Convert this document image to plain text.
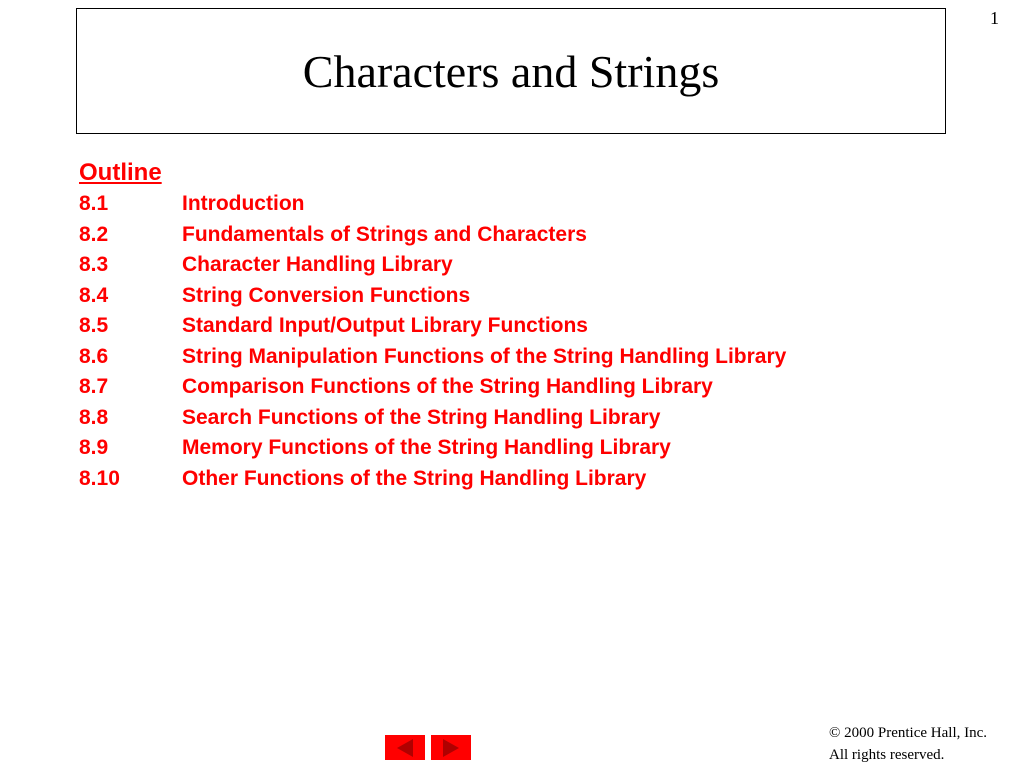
1
Characters and Strings
Outline
8.1	Introduction
8.2	Fundamentals of Strings and Characters
8.3	Character Handling Library
8.4	String Conversion Functions
8.5	Standard Input/Output Library Functions
8.6	String Manipulation Functions of the String Handling Library
8.7	Comparison Functions of the String Handling Library
8.8	Search Functions of the String Handling Library
8.9	Memory Functions of the String Handling Library
8.10	Other Functions of the String Handling Library
© 2000 Prentice Hall, Inc.
All rights reserved.
